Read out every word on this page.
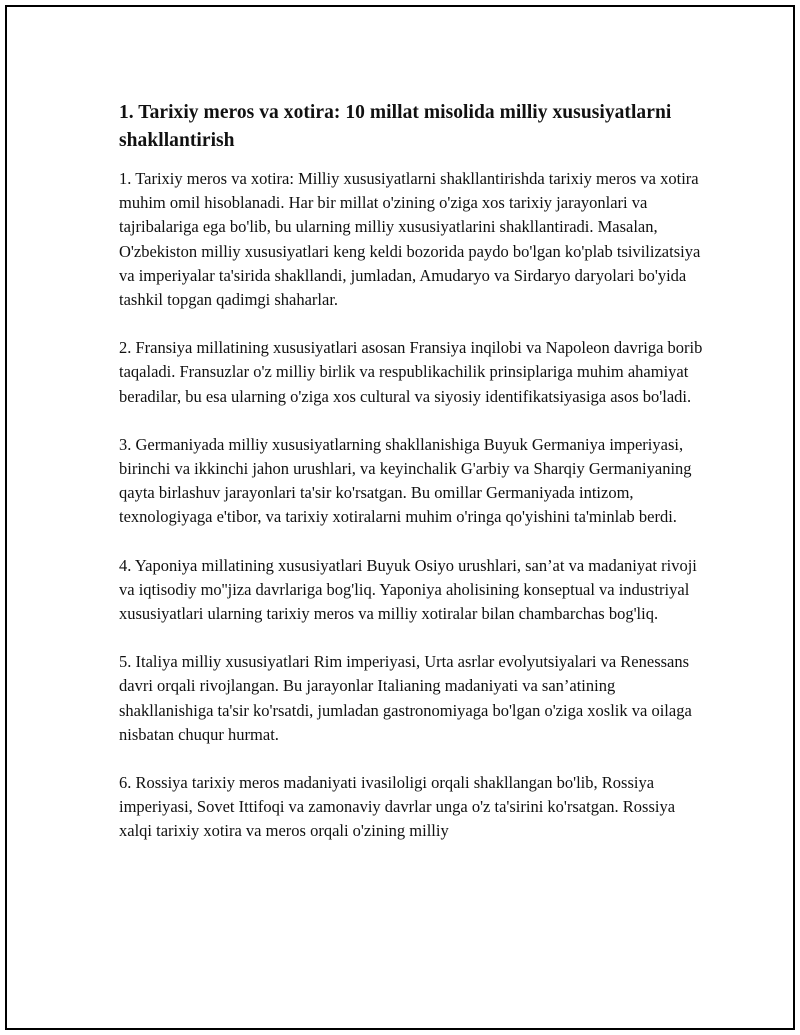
1. Tarixiy meros va xotira: 10 millat misolida milliy xususiyatlarni shakllantirish

1. Tarixiy meros va xotira: Milliy xususiyatlarni shakllantirishda tarixiy meros va xotira muhim omil hisoblanadi. Har bir millat o'zining o'ziga xos tarixiy jarayonlari va tajribalariga ega bo'lib, bu ularning milliy xususiyatlarini shakllantiradi. Masalan, O'zbekiston milliy xususiyatlari keng keldi bozorida paydo bo'lgan ko'plab tsivilizatsiya va imperiyalar ta'sirida shakllandi, jumladan, Amudaryo va Sirdaryo daryolari bo'yida tashkil topgan qadimgi shaharlar.

2. Fransiya millatining xususiyatlari asosan Fransiya inqilobi va Napoleon davriga borib taqaladi. Fransuzlar o'z milliy birlik va respublikachilik prinsiplariga muhim ahamiyat beradilar, bu esa ularning o'ziga xos cultural va siyosiy identifikatsiyasiga asos bo'ladi.

3. Germaniyada milliy xususiyatlarning shakllanishiga Buyuk Germaniya imperiyasi, birinchi va ikkinchi jahon urushlari, va keyinchalik G'arbiy va Sharqiy Germaniyaning qayta birlashuv jarayonlari ta'sir ko'rsatgan. Bu omillar Germaniyada intizom, texnologiyaga e'tibor, va tarixiy xotiralarni muhim o'ringa qo'yishini ta'minlab berdi.

4. Yaponiya millatining xususiyatlari Buyuk Osiyo urushlari, san’at va madaniyat rivoji va iqtisodiy mo''jiza davrlariga bog'liq. Yaponiya aholisining konseptual va industriyal xususiyatlari ularning tarixiy meros va milliy xotiralar bilan chambarchas bog'liq.

5. Italiya milliy xususiyatlari Rim imperiyasi, Urta asrlar evolyutsiyalari va Renessans davri orqali rivojlangan. Bu jarayonlar Italianing madaniyati va san’atining shakllanishiga ta'sir ko'rsatdi, jumladan gastronomiyaga bo'lgan o'ziga xoslik va oilaga nisbatan chuqur hurmat.

6. Rossiya tarixiy meros madaniyati ivasiloligi orqali shakllangan bo'lib, Rossiya imperiyasi, Sovet Ittifoqi va zamonaviy davrlar unga o'z ta'sirini ko'rsatgan. Rossiya xalqi tarixiy xotira va meros orqali o'zining milliy
